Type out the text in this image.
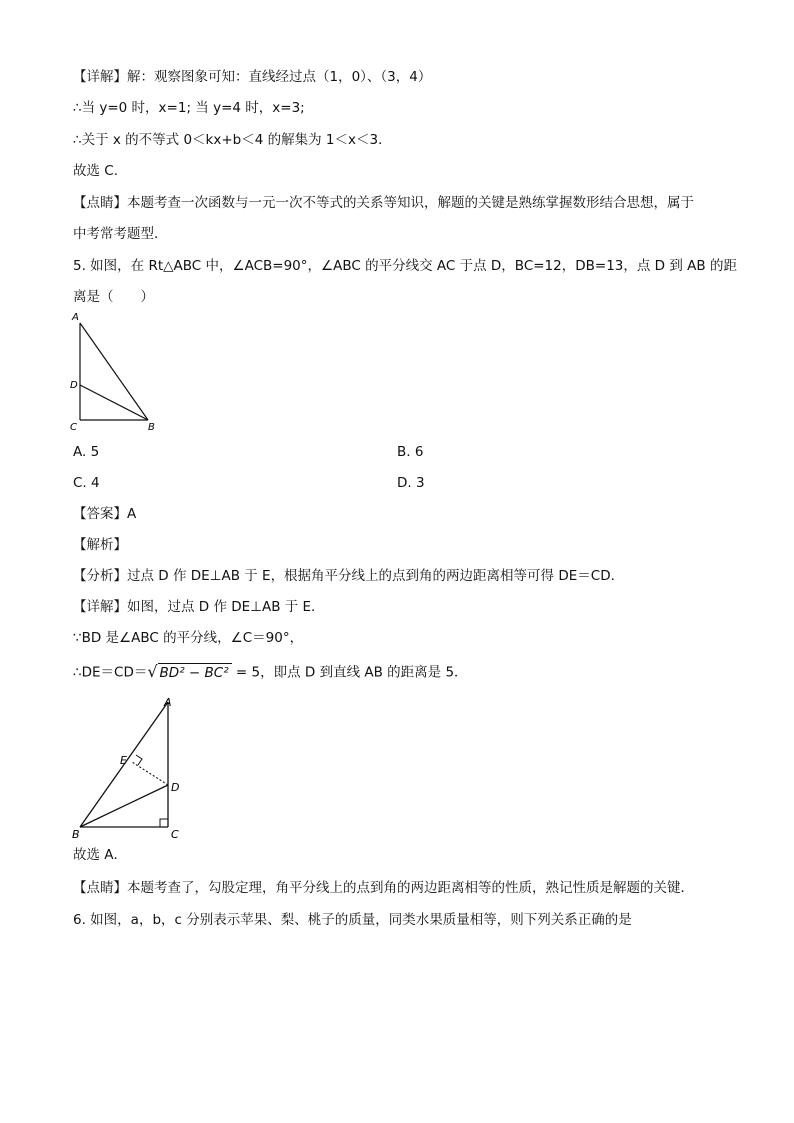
【详解】解：观察图象可知：直线经过点（1，0）、（3，4）
∴当 y=0 时，x=1; 当 y=4 时，x=3;
∴关于 x 的不等式 0＜kx+b＜4 的解集为 1＜x＜3．
故选 C.
【点睛】本题考查一次函数与一元一次不等式的关系等知识，解题的关键是熟练掌握数形结合思想，属于
中考常考题型．
5. 如图，在 Rt△ABC 中，∠ACB=90°，∠ABC 的平分线交 AC 于点 D，BC=12，DB=13，点 D 到 AB 的距
离是（　　）
A
D
C	B
A. 5	B. 6
C. 4	D. 3
【答案】A
【解析】
【分析】过点 D 作 DE⊥AB 于 E，根据角平分线上的点到角的两边距离相等可得 DE＝CD．
【详解】如图，过点 D 作 DE⊥AB 于 E．
∵BD 是∠ABC 的平分线，∠C＝90°，
∴DE＝CD＝√ BD² − BC² = 5，即点 D 到直线 AB 的距离是 5．
A
E
D
B	C
故选 A．
【点睛】本题考查了，勾股定理，角平分线上的点到角的两边距离相等的性质，熟记性质是解题的关键．
6. 如图，a，b，c 分别表示苹果、梨、桃子的质量，同类水果质量相等，则下列关系正确的是
